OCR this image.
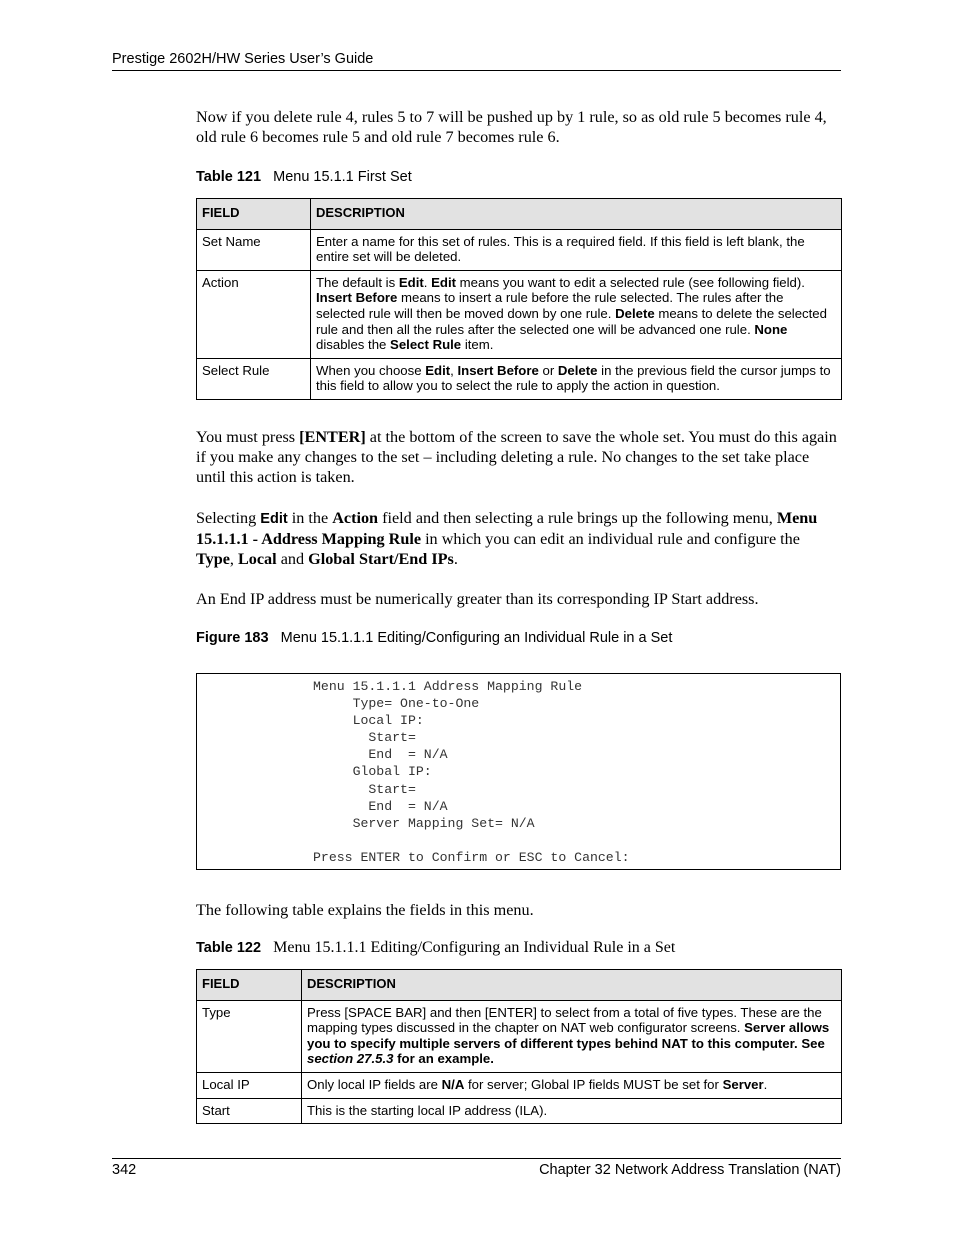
Prestige 2602H/HW Series User’s Guide
Now if you delete rule 4, rules 5 to 7 will be pushed up by 1 rule, so as old rule 5 becomes rule 4, old rule 6 becomes rule 5 and old rule 7 becomes rule 6.
Table 121 Menu 15.1.1 First Set
FIELD	DESCRIPTION
Set Name	Enter a name for this set of rules. This is a required field. If this field is left blank, the entire set will be deleted.
Action	The default is Edit. Edit means you want to edit a selected rule (see following field). Insert Before means to insert a rule before the rule selected. The rules after the selected rule will then be moved down by one rule. Delete means to delete the selected rule and then all the rules after the selected one will be advanced one rule. None disables the Select Rule item.
Select Rule	When you choose Edit, Insert Before or Delete in the previous field the cursor jumps to this field to allow you to select the rule to apply the action in question.
You must press [ENTER] at the bottom of the screen to save the whole set. You must do this again if you make any changes to the set – including deleting a rule. No changes to the set take place until this action is taken.
Selecting Edit in the Action field and then selecting a rule brings up the following menu, Menu 15.1.1.1 - Address Mapping Rule in which you can edit an individual rule and configure the Type, Local and Global Start/End IPs.
An End IP address must be numerically greater than its corresponding IP Start address.
Figure 183 Menu 15.1.1.1 Editing/Configuring an Individual Rule in a Set
Menu 15.1.1.1 Address Mapping Rule
Type= One-to-One
Local IP:
Start=
End  = N/A
Global IP:
Start=
End  = N/A
Server Mapping Set= N/A

Press ENTER to Confirm or ESC to Cancel:
The following table explains the fields in this menu.
Table 122 Menu 15.1.1.1 Editing/Configuring an Individual Rule in a Set
FIELD	DESCRIPTION
Type	Press [SPACE BAR] and then [ENTER] to select from a total of five types. These are the mapping types discussed in the chapter on NAT web configurator screens. Server allows you to specify multiple servers of different types behind NAT to this computer. See section 27.5.3 for an example.
Local IP	Only local IP fields are N/A for server; Global IP fields MUST be set for Server.
Start	This is the starting local IP address (ILA).
342	Chapter 32 Network Address Translation (NAT)
